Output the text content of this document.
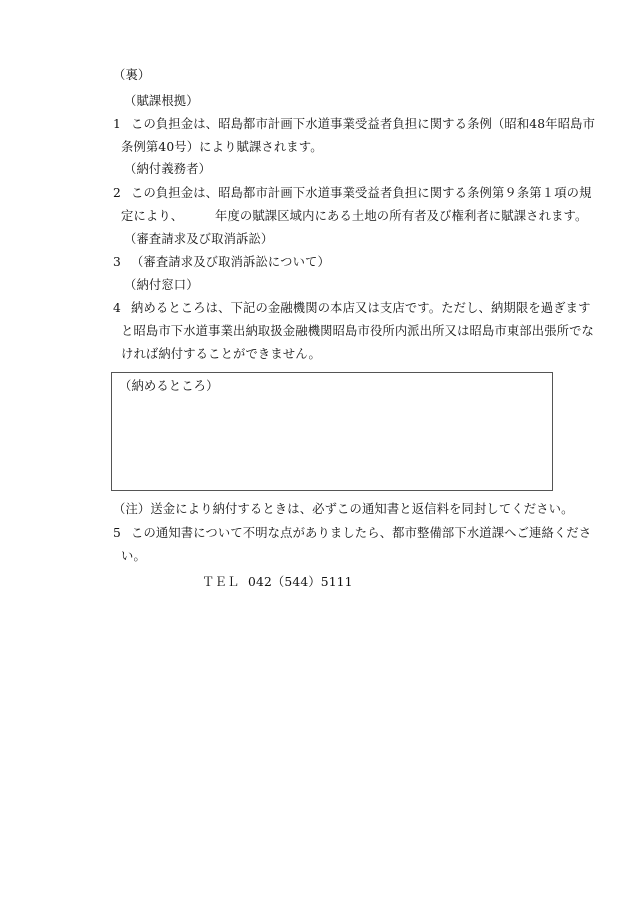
（裏）
（賦課根拠）
1 この負担金は、昭島都市計画下水道事業受益者負担に関する条例（昭和48年昭島市
条例第40号）により賦課されます。
（納付義務者）
2 この負担金は、昭島都市計画下水道事業受益者負担に関する条例第９条第１項の規
定により、	年度の賦課区域内にある土地の所有者及び権利者に賦課されます。
（審査請求及び取消訴訟）
3 （審査請求及び取消訴訟について）
（納付窓口）
4 納めるところは、下記の金融機関の本店又は支店です。ただし、納期限を過ぎます
と昭島市下水道事業出納取扱金融機関昭島市役所内派出所又は昭島市東部出張所でな
ければ納付することができません。
（納めるところ）
（注）送金により納付するときは、必ずこの通知書と返信料を同封してください。
5 この通知書について不明な点がありましたら、都市整備部下水道課へご連絡くださ
い。
ＴＥＬ 042（544）5111
